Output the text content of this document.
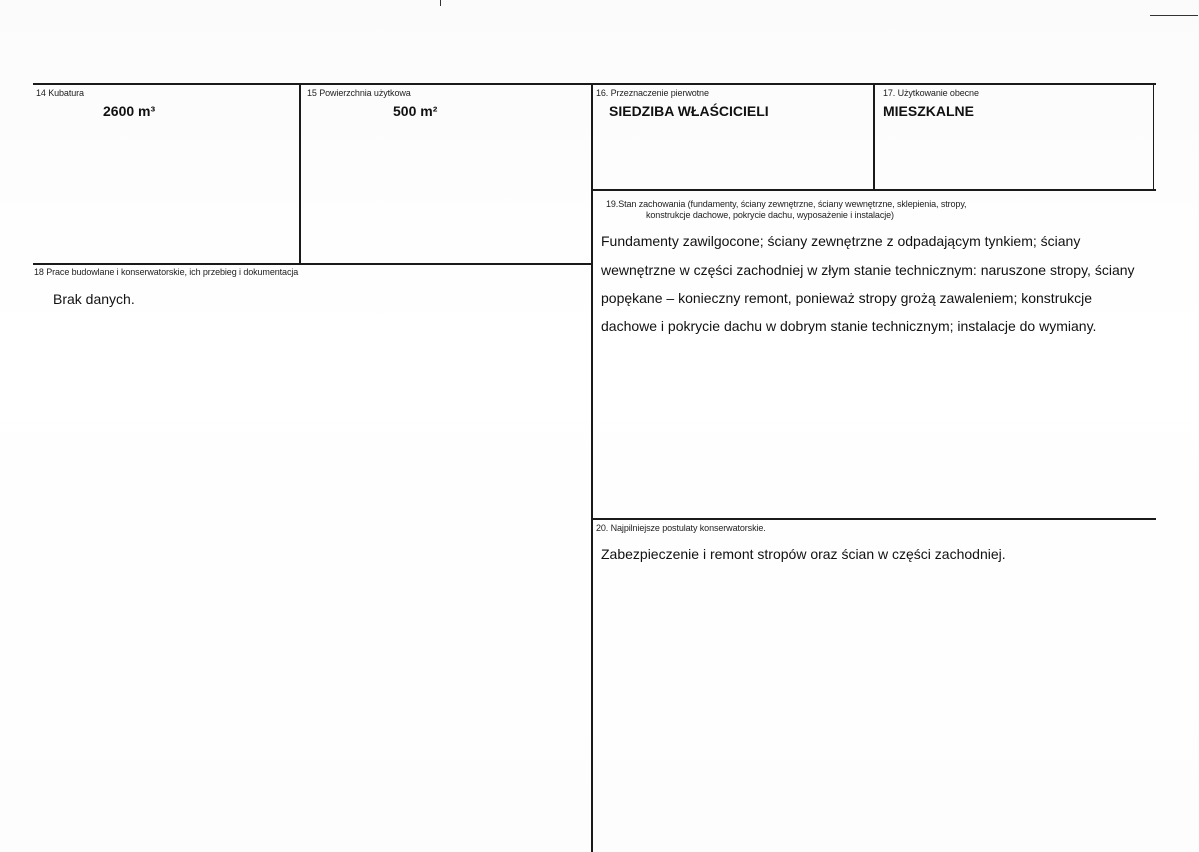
14 Kubatura
2600 m³
15 Powierzchnia użytkowa
500 m²
16. Przeznaczenie pierwotne
SIEDZIBA WŁAŚCICIELI
17. Użytkowanie obecne
MIESZKALNE
19.Stan zachowania (fundamenty, ściany zewnętrzne, ściany wewnętrzne, sklepienia, stropy,
konstrukcje dachowe, pokrycie dachu, wyposażenie i instalacje)
Fundamenty zawilgocone; ściany zewnętrzne z odpadającym tynkiem; ściany
wewnętrzne w części zachodniej w złym stanie technicznym: naruszone stropy, ściany
popękane – konieczny remont, ponieważ stropy grożą zawaleniem; konstrukcje
dachowe i pokrycie dachu w dobrym stanie technicznym; instalacje do wymiany.
18 Prace budowlane i konserwatorskie, ich przebieg i dokumentacja
Brak danych.
20. Najpilniejsze postulaty konserwatorskie.
Zabezpieczenie i remont stropów oraz ścian w części zachodniej.
